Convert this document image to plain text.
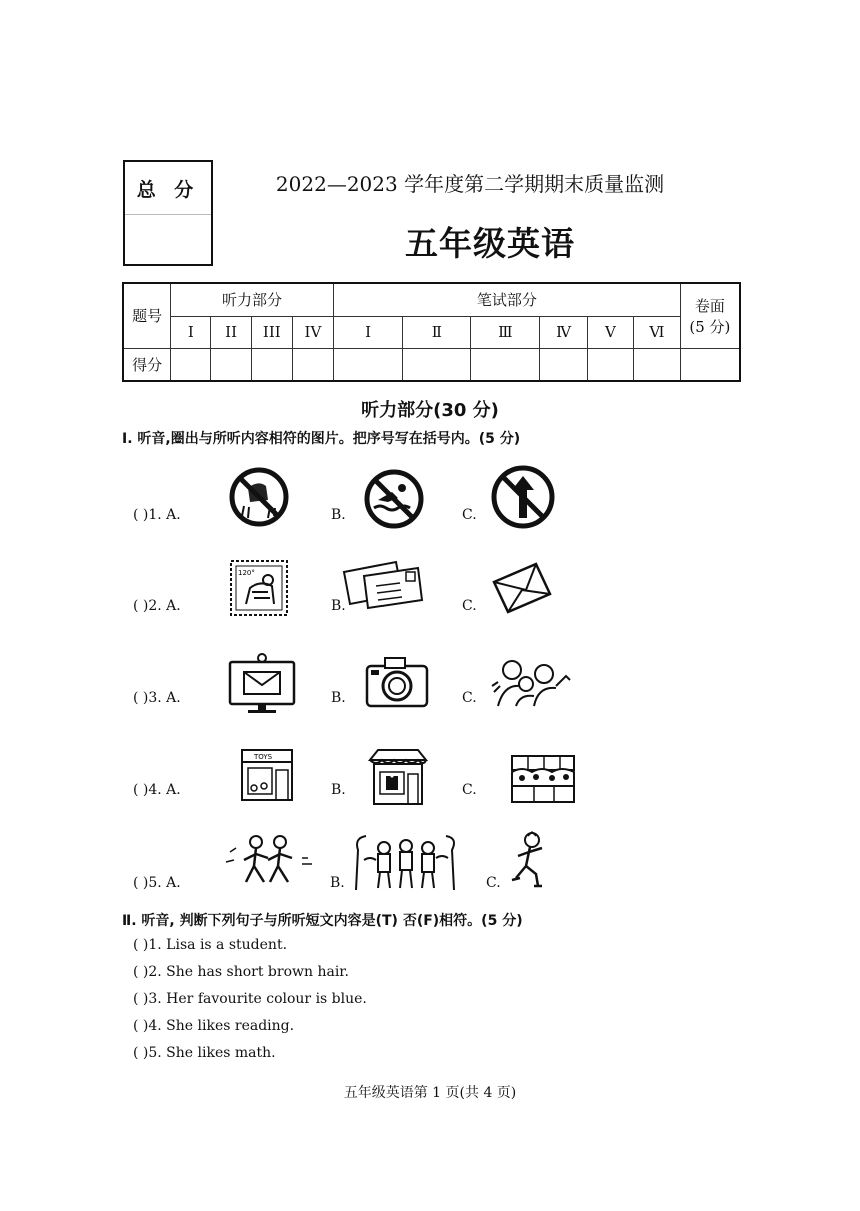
总 分	2022—2023 学年度第二学期期末质量监测
五年级英语
题号	听力部分				笔试部分						卷面
(5 分)

	I	II	III	IV	I	Ⅱ	Ⅲ	Ⅳ	Ⅴ	Ⅵ	
得分											
听力部分(30 分)
I. 听音,圈出与所听内容相符的图片。把序号写在括号内。(5 分)
( )1. A.	B.	C.
( )2. A.	B.	C.
( )3. A.	B.	C.
( )4. A.	B.	C.
( )5. A.	B.	C.
120°
TOYS
Ⅱ. 听音, 判断下列句子与所听短文内容是(T) 否(F)相符。(5 分)
( )1. Lisa is a student.
( )2. She has short brown hair.
( )3. Her favourite colour is blue.
( )4. She likes reading.
( )5. She likes math.
五年级英语第 1 页(共 4 页)
